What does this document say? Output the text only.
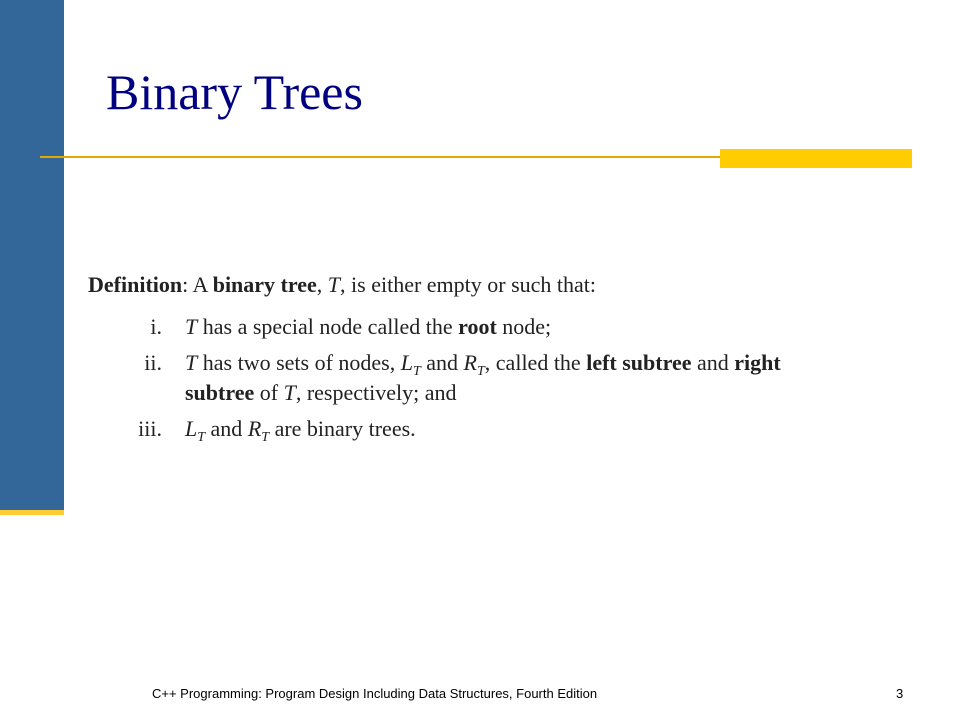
Binary Trees
Definition: A binary tree, T, is either empty or such that:
i. T has a special node called the root node;
ii. T has two sets of nodes, $L_T$ and $R_T$, called the left subtree and right
subtree of T, respectively; and
iii. $L_T$ and $R_T$ are binary trees.
C++ Programming: Program Design Including Data Structures, Fourth Edition	3
